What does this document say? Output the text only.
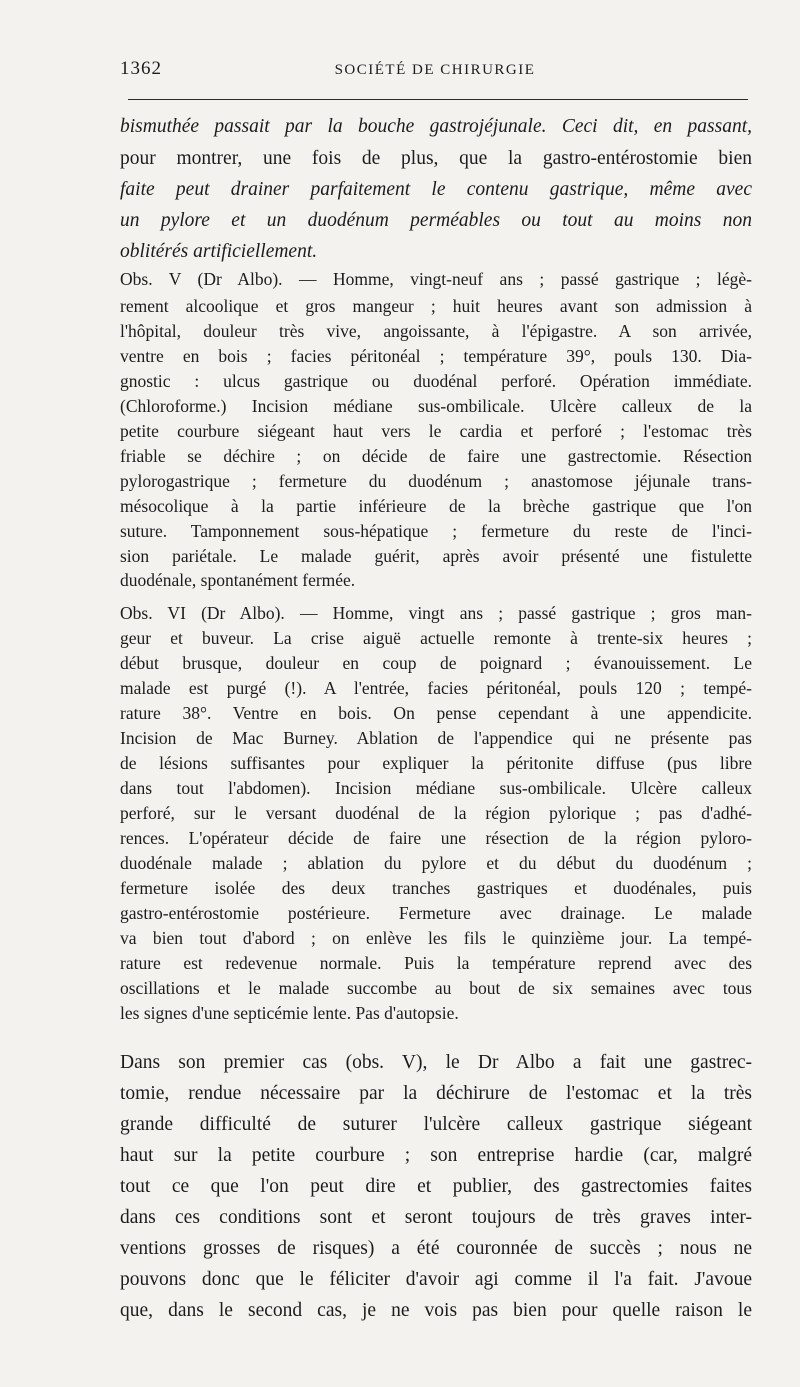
1362	SOCIÉTÉ DE CHIRURGIE
bismuthée passait par la bouche gastrojéjunale. Ceci dit, en passant,
pour montrer, une fois de plus, que la gastro-entérostomie bien
faite peut drainer parfaitement le contenu gastrique, même avec
un pylore et un duodénum perméables ou tout au moins non
oblitérés artificiellement.
Obs. V (Dr Albo). — Homme, vingt-neuf ans ; passé gastrique ; légè-
rement alcoolique et gros mangeur ; huit heures avant son admission à
l'hôpital, douleur très vive, angoissante, à l'épigastre. A son arrivée,
ventre en bois ; facies péritonéal ; température 39°, pouls 130. Dia-
gnostic : ulcus gastrique ou duodénal perforé. Opération immédiate.
(Chloroforme.) Incision médiane sus-ombilicale. Ulcère calleux de la
petite courbure siégeant haut vers le cardia et perforé ; l'estomac très
friable se déchire ; on décide de faire une gastrectomie. Résection
pylorogastrique ; fermeture du duodénum ; anastomose jéjunale trans-
mésocolique à la partie inférieure de la brèche gastrique que l'on
suture. Tamponnement sous-hépatique ; fermeture du reste de l'inci-
sion pariétale. Le malade guérit, après avoir présenté une fistulette
duodénale, spontanément fermée.
Obs. VI (Dr Albo). — Homme, vingt ans ; passé gastrique ; gros man-
geur et buveur. La crise aiguë actuelle remonte à trente-six heures ;
début brusque, douleur en coup de poignard ; évanouissement. Le
malade est purgé (!). A l'entrée, facies péritonéal, pouls 120 ; tempé-
rature 38°. Ventre en bois. On pense cependant à une appendicite.
Incision de Mac Burney. Ablation de l'appendice qui ne présente pas
de lésions suffisantes pour expliquer la péritonite diffuse (pus libre
dans tout l'abdomen). Incision médiane sus-ombilicale. Ulcère calleux
perforé, sur le versant duodénal de la région pylorique ; pas d'adhé-
rences. L'opérateur décide de faire une résection de la région pyloro-
duodénale malade ; ablation du pylore et du début du duodénum ;
fermeture isolée des deux tranches gastriques et duodénales, puis
gastro-entérostomie postérieure. Fermeture avec drainage. Le malade
va bien tout d'abord ; on enlève les fils le quinzième jour. La tempé-
rature est redevenue normale. Puis la température reprend avec des
oscillations et le malade succombe au bout de six semaines avec tous
les signes d'une septicémie lente. Pas d'autopsie.
Dans son premier cas (obs. V), le Dr Albo a fait une gastrec-
tomie, rendue nécessaire par la déchirure de l'estomac et la très
grande difficulté de suturer l'ulcère calleux gastrique siégeant
haut sur la petite courbure ; son entreprise hardie (car, malgré
tout ce que l'on peut dire et publier, des gastrectomies faites
dans ces conditions sont et seront toujours de très graves inter-
ventions grosses de risques) a été couronnée de succès ; nous ne
pouvons donc que le féliciter d'avoir agi comme il l'a fait. J'avoue
que, dans le second cas, je ne vois pas bien pour quelle raison le
